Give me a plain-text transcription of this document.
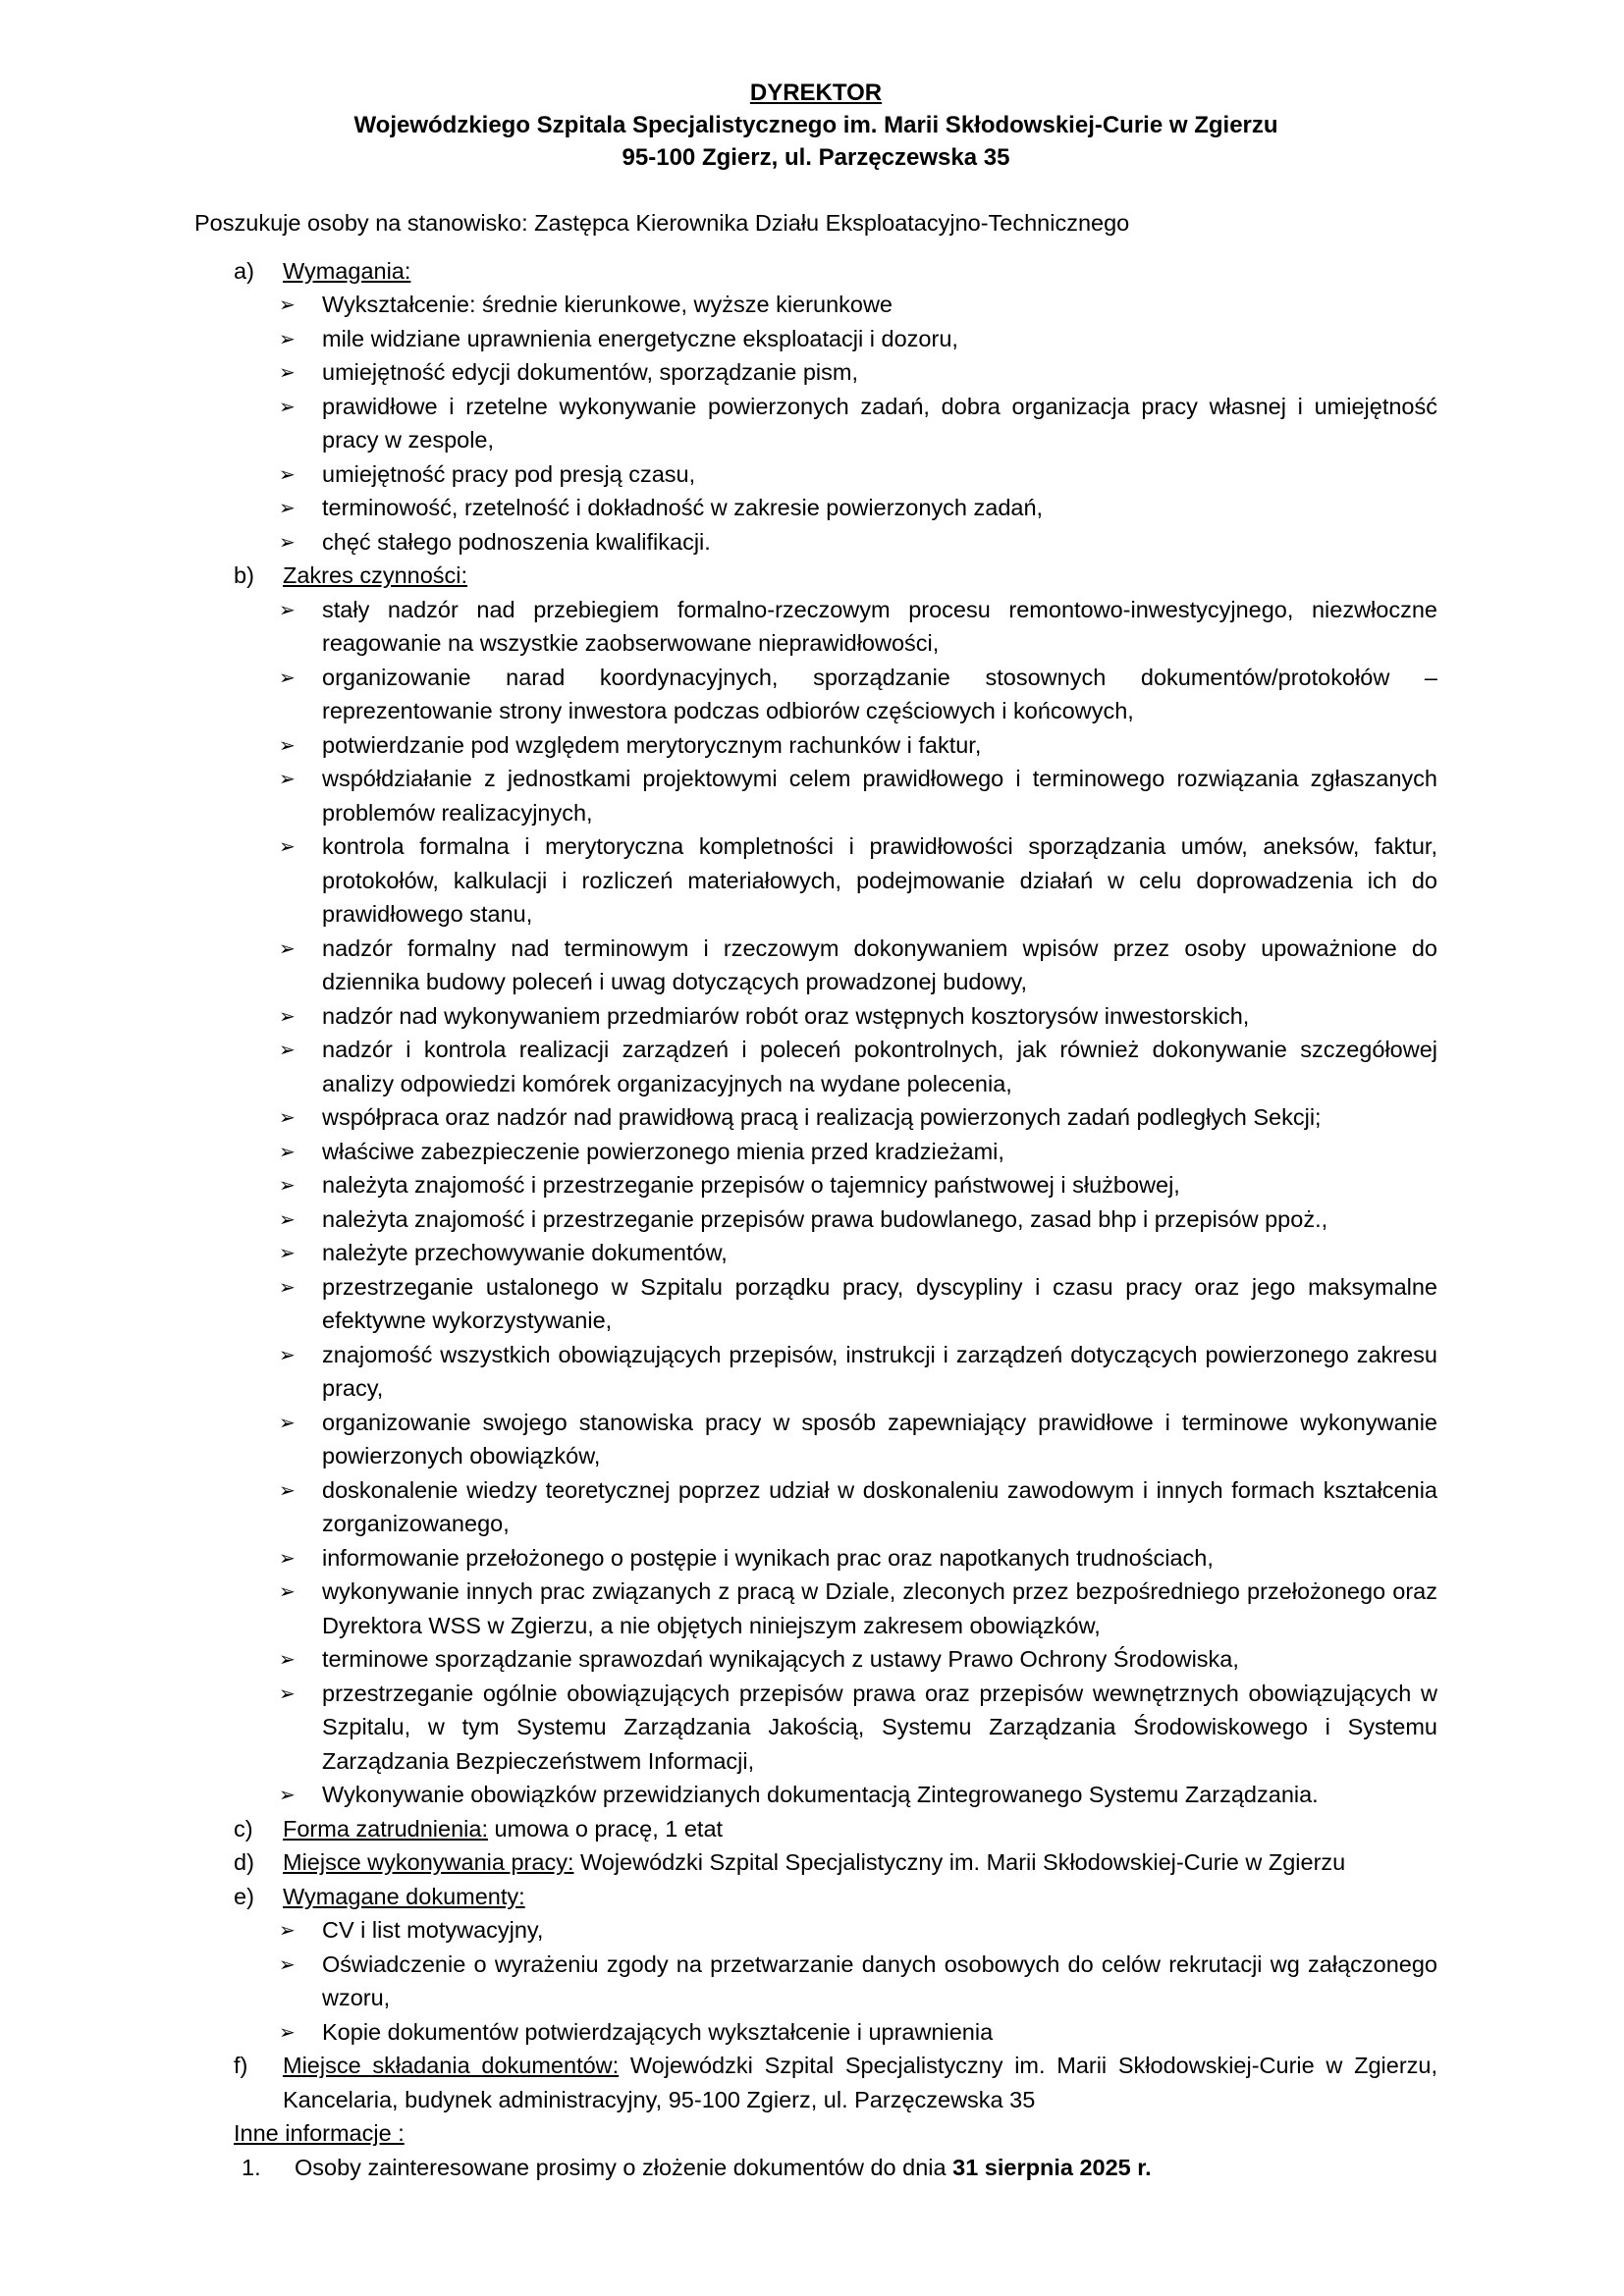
DYREKTOR
Wojewódzkiego Szpitala Specjalistycznego im. Marii Skłodowskiej-Curie w Zgierzu
95-100 Zgierz, ul. Parzęczewska 35
Poszukuje osoby na stanowisko: Zastępca Kierownika Działu Eksploatacyjno-Technicznego
a) Wymagania:
➢ Wykształcenie: średnie kierunkowe, wyższe kierunkowe
➢ mile widziane uprawnienia energetyczne eksploatacji i dozoru,
➢ umiejętność edycji dokumentów, sporządzanie pism,
➢ prawidłowe i rzetelne wykonywanie powierzonych zadań, dobra organizacja pracy własnej i umiejętność pracy w zespole,
➢ umiejętność pracy pod presją czasu,
➢ terminowość, rzetelność i dokładność w zakresie powierzonych zadań,
➢ chęć stałego podnoszenia kwalifikacji.
b) Zakres czynności:
➢ stały nadzór nad przebiegiem formalno-rzeczowym procesu remontowo-inwestycyjnego, niezwłoczne reagowanie na wszystkie zaobserwowane nieprawidłowości,
➢ organizowanie narad koordynacyjnych, sporządzanie stosownych dokumentów/protokołów – reprezentowanie strony inwestora podczas odbiorów częściowych i końcowych,
➢ potwierdzanie pod względem merytorycznym rachunków i faktur,
➢ współdziałanie z jednostkami projektowymi celem prawidłowego i terminowego rozwiązania zgłaszanych problemów realizacyjnych,
➢ kontrola formalna i merytoryczna kompletności i prawidłowości sporządzania umów, aneksów, faktur, protokołów, kalkulacji i rozliczeń materiałowych, podejmowanie działań w celu doprowadzenia ich do prawidłowego stanu,
➢ nadzór formalny nad terminowym i rzeczowym dokonywaniem wpisów przez osoby upoważnione do dziennika budowy poleceń i uwag dotyczących prowadzonej budowy,
➢ nadzór nad wykonywaniem przedmiarów robót oraz wstępnych kosztorysów inwestorskich,
➢ nadzór i kontrola realizacji zarządzeń i poleceń pokontrolnych, jak również dokonywanie szczegółowej analizy odpowiedzi komórek organizacyjnych na wydane polecenia,
➢ współpraca oraz nadzór nad prawidłową pracą i realizacją powierzonych zadań podległych Sekcji;
➢ właściwe zabezpieczenie powierzonego mienia przed kradzieżami,
➢ należyta znajomość i przestrzeganie przepisów o tajemnicy państwowej i służbowej,
➢ należyta znajomość i przestrzeganie przepisów prawa budowlanego, zasad bhp i przepisów ppoż.,
➢ należyte przechowywanie dokumentów,
➢ przestrzeganie ustalonego w Szpitalu porządku pracy, dyscypliny i czasu pracy oraz jego maksymalne efektywne wykorzystywanie,
➢ znajomość wszystkich obowiązujących przepisów, instrukcji i zarządzeń dotyczących powierzonego zakresu pracy,
➢ organizowanie swojego stanowiska pracy w sposób zapewniający prawidłowe i terminowe wykonywanie powierzonych obowiązków,
➢ doskonalenie wiedzy teoretycznej poprzez udział w doskonaleniu zawodowym i innych formach kształcenia zorganizowanego,
➢ informowanie przełożonego o postępie i wynikach prac oraz napotkanych trudnościach,
➢ wykonywanie innych prac związanych z pracą w Dziale, zleconych przez bezpośredniego przełożonego oraz Dyrektora WSS w Zgierzu, a nie objętych niniejszym zakresem obowiązków,
➢ terminowe sporządzanie sprawozdań wynikających z ustawy Prawo Ochrony Środowiska,
➢ przestrzeganie ogólnie obowiązujących przepisów prawa oraz przepisów wewnętrznych obowiązujących w Szpitalu, w tym Systemu Zarządzania Jakością, Systemu Zarządzania Środowiskowego i Systemu Zarządzania Bezpieczeństwem Informacji,
➢ Wykonywanie obowiązków przewidzianych dokumentacją Zintegrowanego Systemu Zarządzania.
c) Forma zatrudnienia: umowa o pracę, 1 etat
d) Miejsce wykonywania pracy: Wojewódzki Szpital Specjalistyczny im. Marii Skłodowskiej-Curie w Zgierzu
e) Wymagane dokumenty:
➢ CV i list motywacyjny,
➢ Oświadczenie o wyrażeniu zgody na przetwarzanie danych osobowych do celów rekrutacji wg załączonego wzoru,
➢ Kopie dokumentów potwierdzających wykształcenie i uprawnienia
f) Miejsce składania dokumentów: Wojewódzki Szpital Specjalistyczny im. Marii Skłodowskiej-Curie w Zgierzu, Kancelaria, budynek administracyjny, 95-100 Zgierz, ul. Parzęczewska 35
Inne informacje :
1. Osoby zainteresowane prosimy o złożenie dokumentów do dnia 31 sierpnia 2025 r.
